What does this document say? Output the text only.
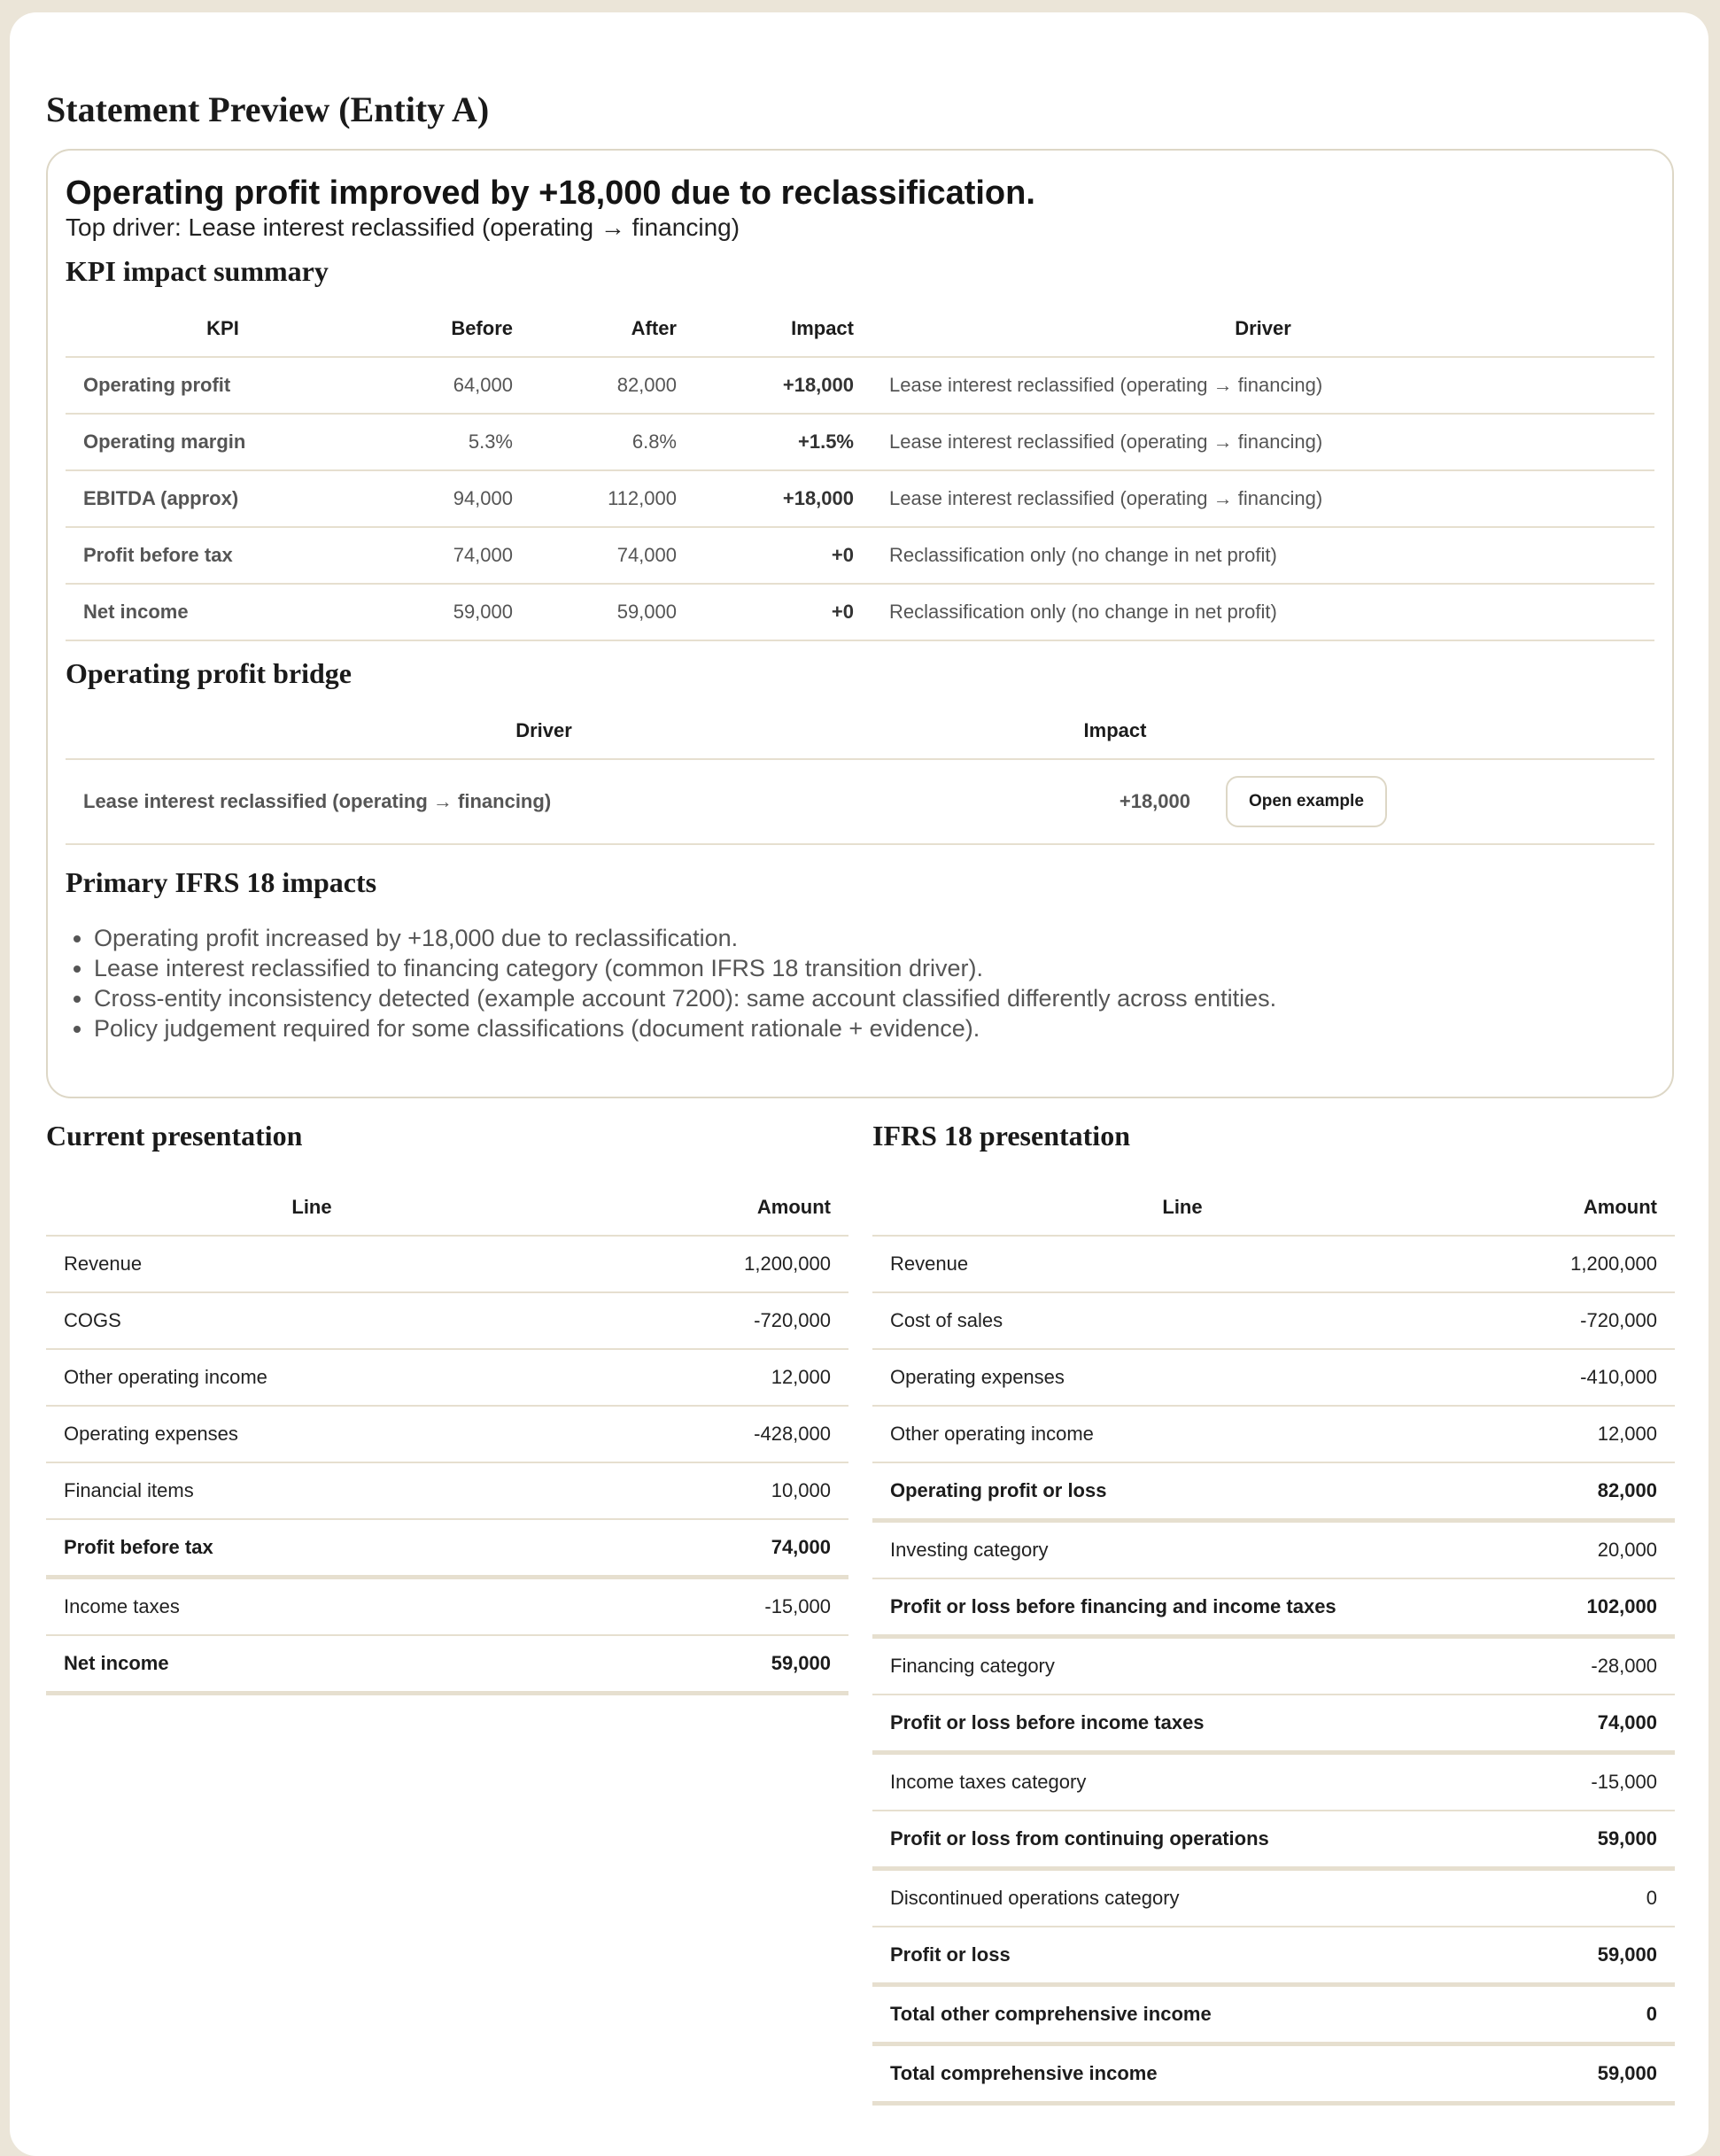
Statement Preview (Entity A)

Operating profit improved by +18,000 due to reclassification.

Top driver: Lease interest reclassified (operating → financing)

KPI impact summary
KPI	Before	After	Impact	Driver
Operating profit	64,000	82,000	+18,000	Lease interest reclassified (operating → financing)
Operating margin	5.3%	6.8%	+1.5%	Lease interest reclassified (operating → financing)
EBITDA (approx)	94,000	112,000	+18,000	Lease interest reclassified (operating → financing)
Profit before tax	74,000	74,000	+0	Reclassification only (no change in net profit)
Net income	59,000	59,000	+0	Reclassification only (no change in net profit)
Operating profit bridge
Driver	Impact	
Lease interest reclassified (operating → financing)	+18,000	Open example
Primary IFRS 18 impacts
• Operating profit increased by +18,000 due to reclassification.
• Lease interest reclassified to financing category (common IFRS 18 transition driver).
• Cross-entity inconsistency detected (example account 7200): same account classified differently across entities.
• Policy judgement required for some classifications (document rationale + evidence).
Current presentation
Line	Amount
Revenue	1,200,000
COGS	-720,000
Other operating income	12,000
Operating expenses	-428,000
Financial items	10,000
Profit before tax	74,000
Income taxes	-15,000
Net income	59,000
IFRS 18 presentation
Line	Amount
Revenue	1,200,000
Cost of sales	-720,000
Operating expenses	-410,000
Other operating income	12,000
Operating profit or loss	82,000
Investing category	20,000
Profit or loss before financing and income taxes	102,000
Financing category	-28,000
Profit or loss before income taxes	74,000
Income taxes category	-15,000
Profit or loss from continuing operations	59,000
Discontinued operations category	0
Profit or loss	59,000
Total other comprehensive income	0
Total comprehensive income	59,000
